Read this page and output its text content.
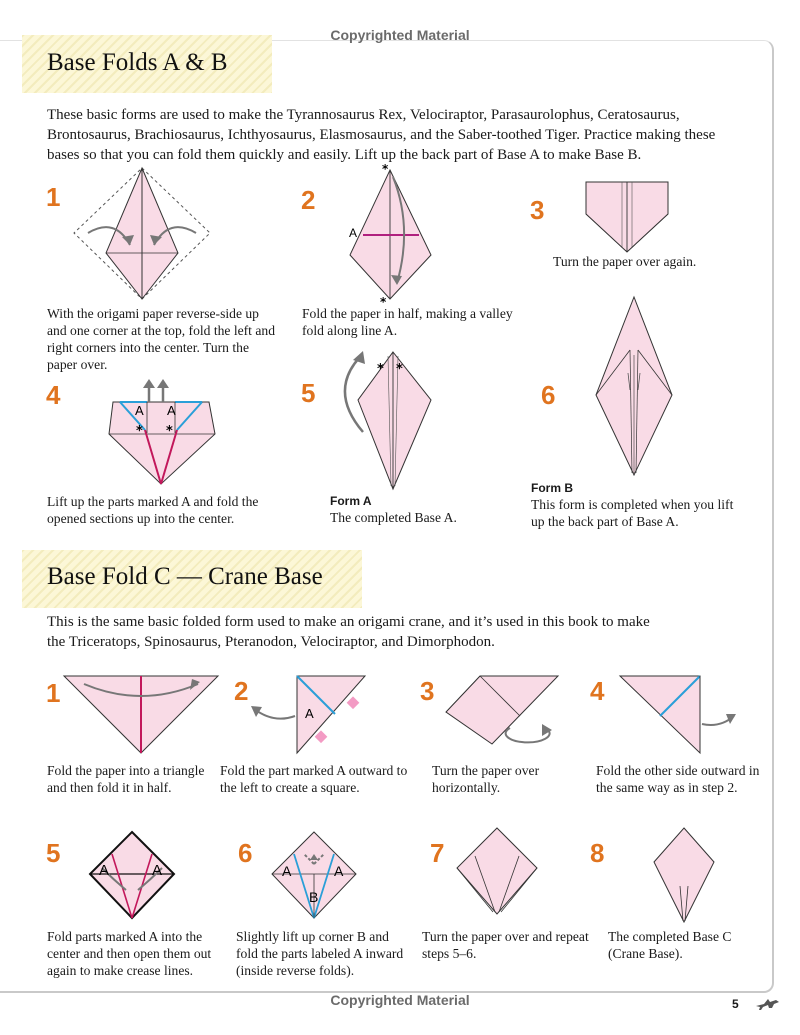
Copyrighted Material
Copyrighted Material
Base Folds A & B
These basic forms are used to make the Tyrannosaurus Rex, Velociraptor, Parasaurolophus, Ceratosaurus, Brontosaurus, Brachiosaurus, Ichthyosaurus, Elasmosaurus, and the Saber-toothed Tiger. Practice making these bases so that you can fold them quickly and easily. Lift up the back part of Base A to make Base B.
1
With the origami paper reverse-side up and one corner at the top, fold the left and right corners into the center. Turn the paper over.
2
*
*
A
Fold the paper in half, making a valley fold along line A.
3
Turn the paper over again.
4
A A
* *
Lift up the parts marked A and fold the opened sections up into the center.
5
* *
Form A
The completed Base A.
6
Form B
This form is completed when you lift up the back part of Base A.
Base Fold C — Crane Base
This is the same basic folded form used to make an origami crane, and it’s used in this book to make the Triceratops, Spinosaurus, Pteranodon, Velociraptor, and Dimorphodon.
1
Fold the paper into a triangle and then fold it in half.
2
A
Fold the part marked A outward to the left to create a square.
3
Turn the paper over horizontally.
4
Fold the other side outward in the same way as in step 2.
5
A	A
Fold parts marked A into the center and then open them out again to make crease lines.
6
A	A
B
Slightly lift up corner B and fold the parts labeled A inward (inside reverse folds).
7
Turn the paper over and repeat steps 5–6.
8
The completed Base C (Crane Base).
5
